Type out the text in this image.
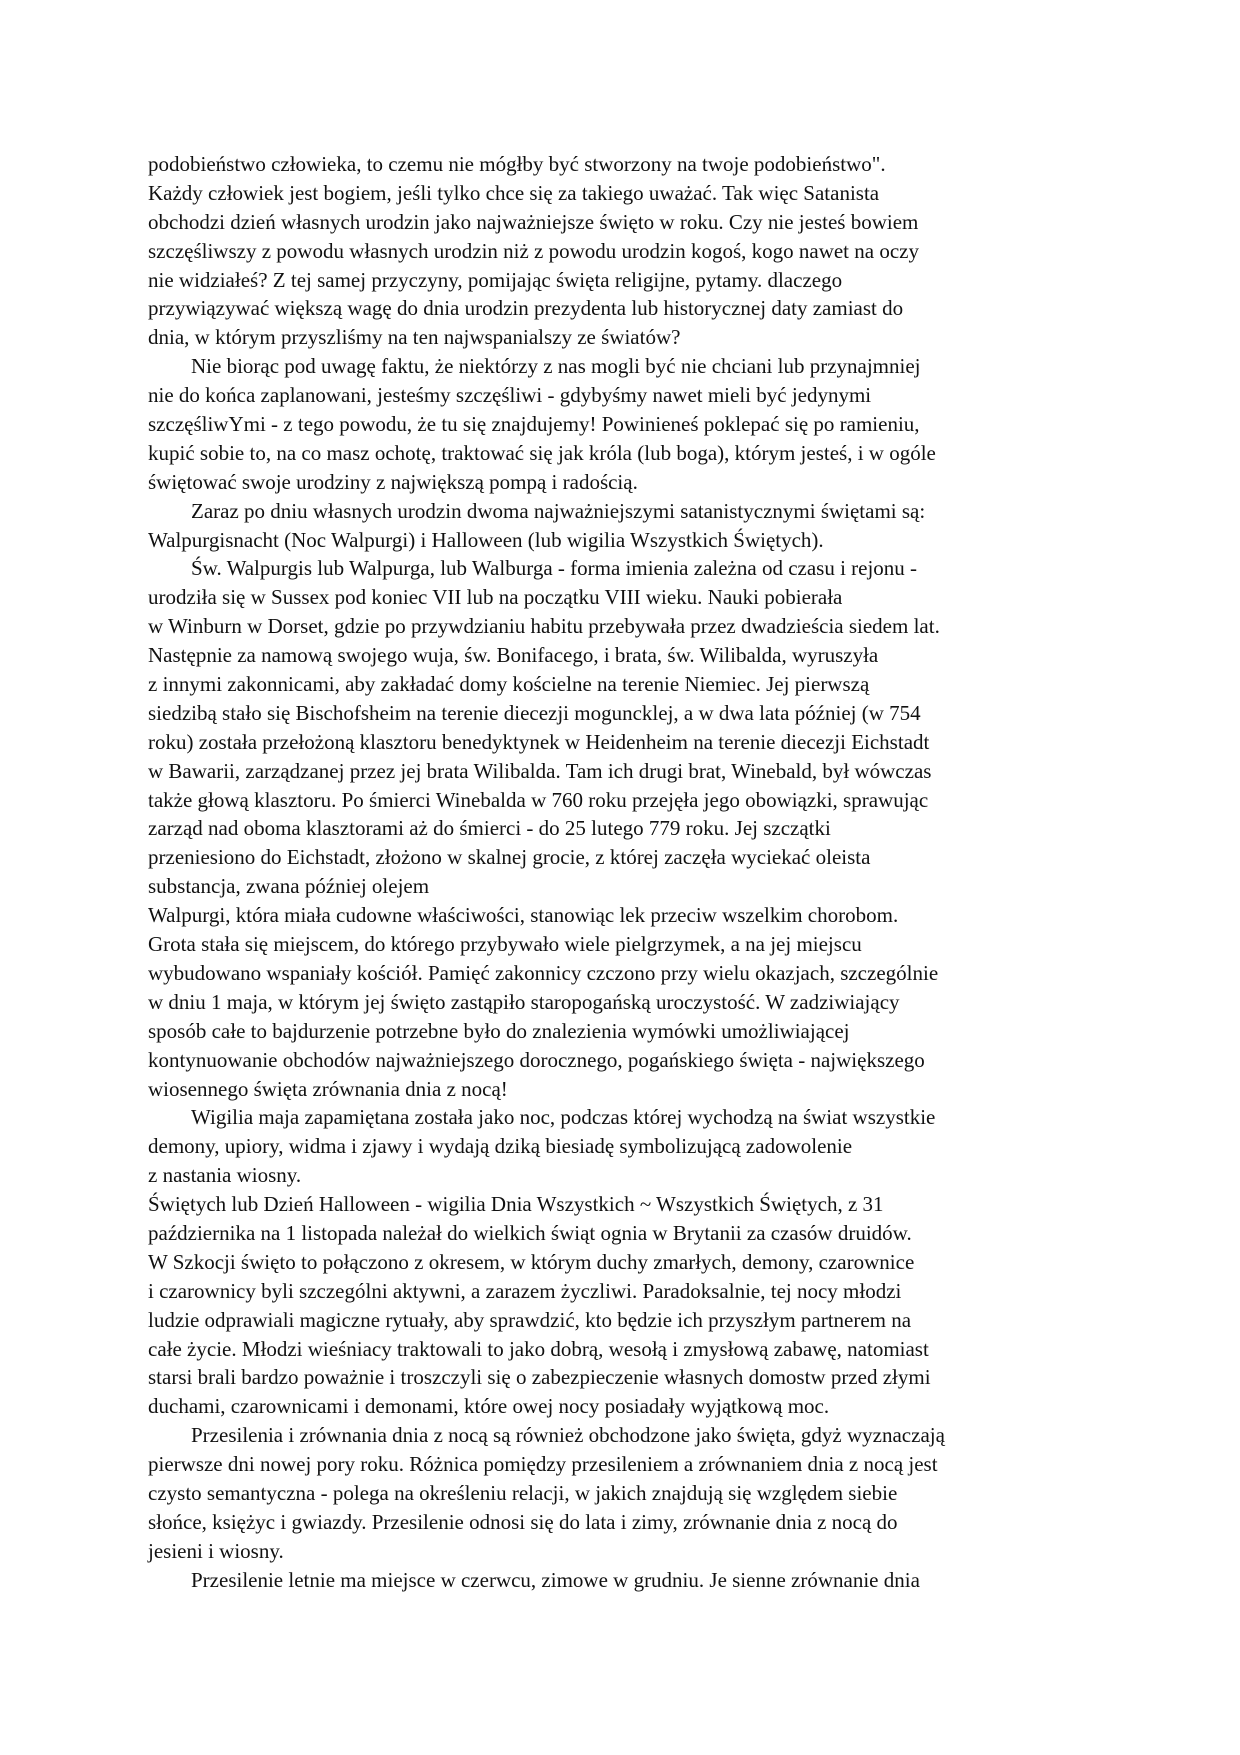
podobieństwo człowieka, to czemu nie mógłby być stworzony na twoje podobieństwo".
Każdy człowiek jest bogiem, jeśli tylko chce się za takiego uważać. Tak więc Satanista
obchodzi dzień własnych urodzin jako najważniejsze święto w roku. Czy nie jesteś bowiem
szczęśliwszy z powodu własnych urodzin niż z powodu urodzin kogoś, kogo nawet na oczy
nie widziałeś? Z tej samej przyczyny, pomijając święta religijne, pytamy. dlaczego
przywiązywać większą wagę do dnia urodzin prezydenta lub historycznej daty zamiast do
dnia, w którym przyszliśmy na ten najwspanialszy ze światów?
Nie biorąc pod uwagę faktu, że niektórzy z nas mogli być nie chciani lub przynajmniej
nie do końca zaplanowani, jesteśmy szczęśliwi - gdybyśmy nawet mieli być jedynymi
szczęśliwYmi - z tego powodu, że tu się znajdujemy! Powinieneś poklepać się po ramieniu,
kupić sobie to, na co masz ochotę, traktować się jak króla (lub boga), którym jesteś, i w ogóle
świętować swoje urodziny z największą pompą i radością.
Zaraz po dniu własnych urodzin dwoma najważniejszymi satanistycznymi świętami są:
Walpurgisnacht (Noc Walpurgi) i Halloween (lub wigilia Wszystkich Świętych).
Św. Walpurgis lub Walpurga, lub Walburga - forma imienia zależna od czasu i rejonu -
urodziła się w Sussex pod koniec VII lub na początku VIII wieku. Nauki pobierała
w Winburn w Dorset, gdzie po przywdzianiu habitu przebywała przez dwadzieścia siedem lat.
Następnie za namową swojego wuja, św. Bonifacego, i brata, św. Wilibalda, wyruszyła
z innymi zakonnicami, aby zakładać domy kościelne na terenie Niemiec. Jej pierwszą
siedzibą stało się Bischofsheim na terenie diecezji moguncklej, a w dwa lata później (w 754
roku) została przełożoną klasztoru benedyktynek w Heidenheim na terenie diecezji Eichstadt
w Bawarii, zarządzanej przez jej brata Wilibalda. Tam ich drugi brat, Winebald, był wówczas
także głową klasztoru. Po śmierci Winebalda w 760 roku przejęła jego obowiązki, sprawując
zarząd nad oboma klasztorami aż do śmierci - do 25 lutego 779 roku. Jej szczątki
przeniesiono do Eichstadt, złożono w skalnej grocie, z której zaczęła wyciekać oleista
substancja, zwana później olejem
Walpurgi, która miała cudowne właściwości, stanowiąc lek przeciw wszelkim chorobom.
Grota stała się miejscem, do którego przybywało wiele pielgrzymek, a na jej miejscu
wybudowano wspaniały kościół. Pamięć zakonnicy czczono przy wielu okazjach, szczególnie
w dniu 1 maja, w którym jej święto zastąpiło staropogańską uroczystość. W zadziwiający
sposób całe to bajdurzenie potrzebne było do znalezienia wymówki umożliwiającej
kontynuowanie obchodów najważniejszego dorocznego, pogańskiego święta - największego
wiosennego święta zrównania dnia z nocą!
Wigilia maja zapamiętana została jako noc, podczas której wychodzą na świat wszystkie
demony, upiory, widma i zjawy i wydają dziką biesiadę symbolizującą zadowolenie
z nastania wiosny.
Świętych lub Dzień Halloween - wigilia Dnia Wszystkich ~ Wszystkich Świętych, z 31
października na 1 listopada należał do wielkich świąt ognia w Brytanii za czasów druidów.
W Szkocji święto to połączono z okresem, w którym duchy zmarłych, demony, czarownice
i czarownicy byli szczególni aktywni, a zarazem życzliwi. Paradoksalnie, tej nocy młodzi
ludzie odprawiali magiczne rytuały, aby sprawdzić, kto będzie ich przyszłym partnerem na
całe życie. Młodzi wieśniacy traktowali to jako dobrą, wesołą i zmysłową zabawę, natomiast
starsi brali bardzo poważnie i troszczyli się o zabezpieczenie własnych domostw przed złymi
duchami, czarownicami i demonami, które owej nocy posiadały wyjątkową moc.
Przesilenia i zrównania dnia z nocą są również obchodzone jako święta, gdyż wyznaczają
pierwsze dni nowej pory roku. Różnica pomiędzy przesileniem a zrównaniem dnia z nocą jest
czysto semantyczna - polega na określeniu relacji, w jakich znajdują się względem siebie
słońce, księżyc i gwiazdy. Przesilenie odnosi się do lata i zimy, zrównanie dnia z nocą do
jesieni i wiosny.
Przesilenie letnie ma miejsce w czerwcu, zimowe w grudniu. Je sienne zrównanie dnia
